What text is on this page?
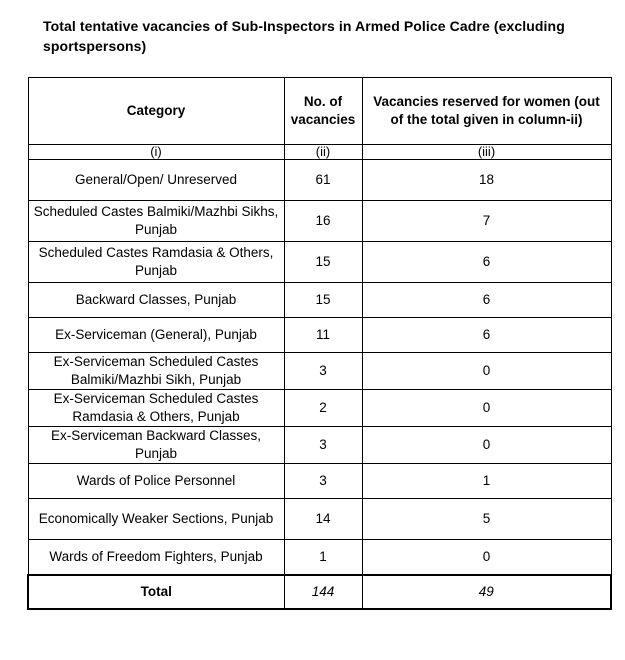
Total tentative vacancies of Sub-Inspectors in Armed Police Cadre (excluding sportspersons)
Category	No. of vacancies	Vacancies reserved for women (out of the total given in column-ii)
(i)	(ii)	(iii)
General/Open/ Unreserved	61	18
Scheduled Castes Balmiki/Mazhbi Sikhs, Punjab	16	7
Scheduled Castes Ramdasia & Others, Punjab	15	6
Backward Classes, Punjab	15	6
Ex-Serviceman (General), Punjab	11	6
Ex-Serviceman Scheduled Castes Balmiki/Mazhbi Sikh, Punjab	3	0
Ex-Serviceman Scheduled Castes Ramdasia & Others, Punjab	2	0
Ex-Serviceman Backward Classes, Punjab	3	0
Wards of Police Personnel	3	1
Economically Weaker Sections, Punjab	14	5
Wards of Freedom Fighters, Punjab	1	0
Total	144	49
